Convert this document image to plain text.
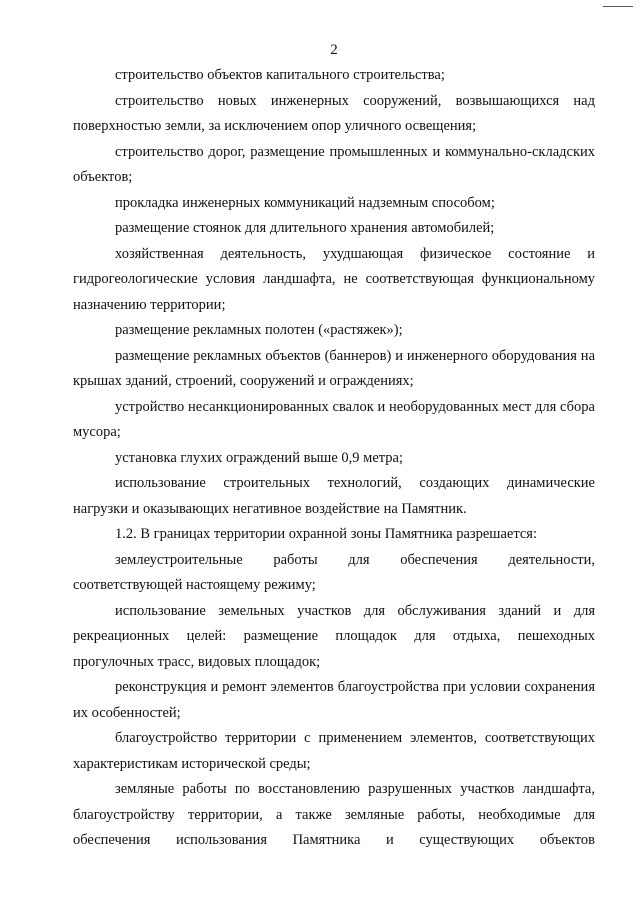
2

строительство объектов капитального строительства;

строительство новых инженерных сооружений, возвышающихся над поверхностью земли, за исключением опор уличного освещения;

строительство дорог, размещение промышленных и коммунально-складских объектов;

прокладка инженерных коммуникаций надземным способом;

размещение стоянок для длительного хранения автомобилей;

хозяйственная деятельность, ухудшающая физическое состояние и гидрогеологические условия ландшафта, не соответствующая функциональному назначению территории;

размещение рекламных полотен («растяжек»);

размещение рекламных объектов (баннеров) и инженерного оборудования на крышах зданий, строений, сооружений и ограждениях;

устройство несанкционированных свалок и необорудованных мест для сбора мусора;

установка глухих ограждений выше 0,9 метра;

использование строительных технологий, создающих динамические нагрузки и оказывающих негативное воздействие на Памятник.

1.2. В границах территории охранной зоны Памятника разрешается:

землеустроительные работы для обеспечения деятельности, соответствующей настоящему режиму;

использование земельных участков для обслуживания зданий и для рекреационных целей: размещение площадок для отдыха, пешеходных прогулочных трасс, видовых площадок;

реконструкция и ремонт элементов благоустройства при условии сохранения их особенностей;

благоустройство территории с применением элементов, соответствующих характеристикам исторической среды;

земляные работы по восстановлению разрушенных участков ландшафта, благоустройству территории, а также земляные работы, необходимые для обеспечения использования Памятника и существующих объектов
